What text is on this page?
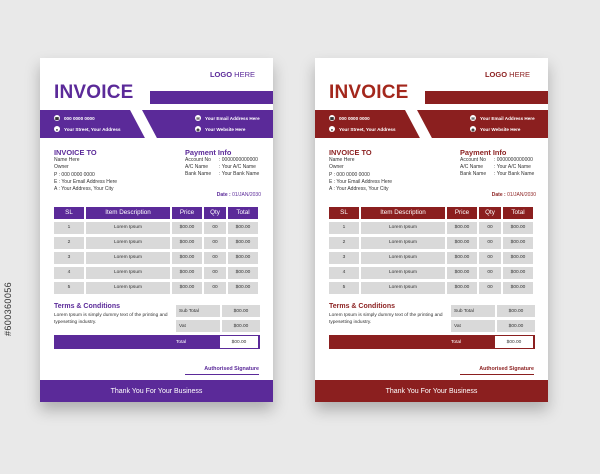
#600360056
LOGO HERE
INVOICE
☎ 000 0000 0000
●	Your Street, Your Address
✉ Your Email Address Here
◉ Your Website Here
INVOICE TO
Name Here
Owner
P : 000 0000 0000
E : Your Email Address Here
A : Your Address, Your City
Payment Info
Account No : 0000000000000
A/C Name : Your A/C Name
Bank Name : Your Bank Name
Date : 01/JAN/2030
SL	Item Description	Price	Qty	Total
1	Lorem Ipsum	$00.00	00	$00.00
2	Lorem Ipsum	$00.00	00	$00.00
3	Lorem Ipsum	$00.00	00	$00.00
4	Lorem Ipsum	$00.00	00	$00.00
5	Lorem Ipsum	$00.00	00	$00.00
Terms & Conditions
Lorem Ipsum is simply dummy text of the printing and typesetting industry.
Sub Total	$00.00
Vat	$00.00
Total	$00.00
Authorised Signature
Thank You For Your Business
LOGO HERE
INVOICE
☎ 000 0000 0000
●	Your Street, Your Address
✉ Your Email Address Here
◉ Your Website Here
INVOICE TO
Name Here
Owner
P : 000 0000 0000
E : Your Email Address Here
A : Your Address, Your City
Payment Info
Account No : 0000000000000
A/C Name : Your A/C Name
Bank Name : Your Bank Name
Date : 01/JAN/2030
SL	Item Description	Price	Qty	Total
1	Lorem Ipsum	$00.00	00	$00.00
2	Lorem Ipsum	$00.00	00	$00.00
3	Lorem Ipsum	$00.00	00	$00.00
4	Lorem Ipsum	$00.00	00	$00.00
5	Lorem Ipsum	$00.00	00	$00.00
Terms & Conditions
Lorem Ipsum is simply dummy text of the printing and typesetting industry.
Sub Total	$00.00
Vat	$00.00
Total	$00.00
Authorised Signature
Thank You For Your Business
